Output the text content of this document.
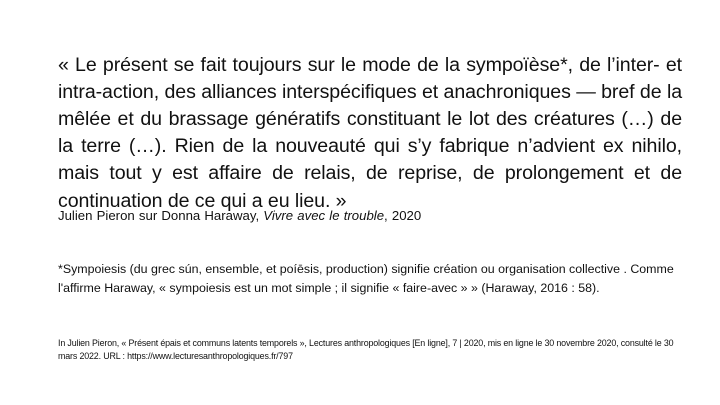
« Le présent se fait toujours sur le mode de la sympoïèse*, de l’inter- et intra-action, des alliances interspécifiques et anachroniques — bref de la mêlée et du brassage génératifs constituant le lot des créatures (…) de la terre (…). Rien de la nouveauté qui s’y fabrique n’advient ex nihilo, mais tout y est affaire de relais, de reprise, de prolongement et de continuation de ce qui a eu lieu. »

Julien Pieron sur Donna Haraway, Vivre avec le trouble, 2020

*Sympoiesis (du grec sún, ensemble, et poíēsis, production) signifie création ou organisation collective . Comme l'affirme Haraway, « sympoiesis est un mot simple ; il signifie « faire-avec » » (Haraway, 2016 : 58).

In Julien Pieron, « Présent épais et communs latents temporels », Lectures anthropologiques [En ligne], 7 | 2020, mis en ligne le 30 novembre 2020, consulté le 30 mars 2022. URL : https://www.lecturesanthropologiques.fr/797
